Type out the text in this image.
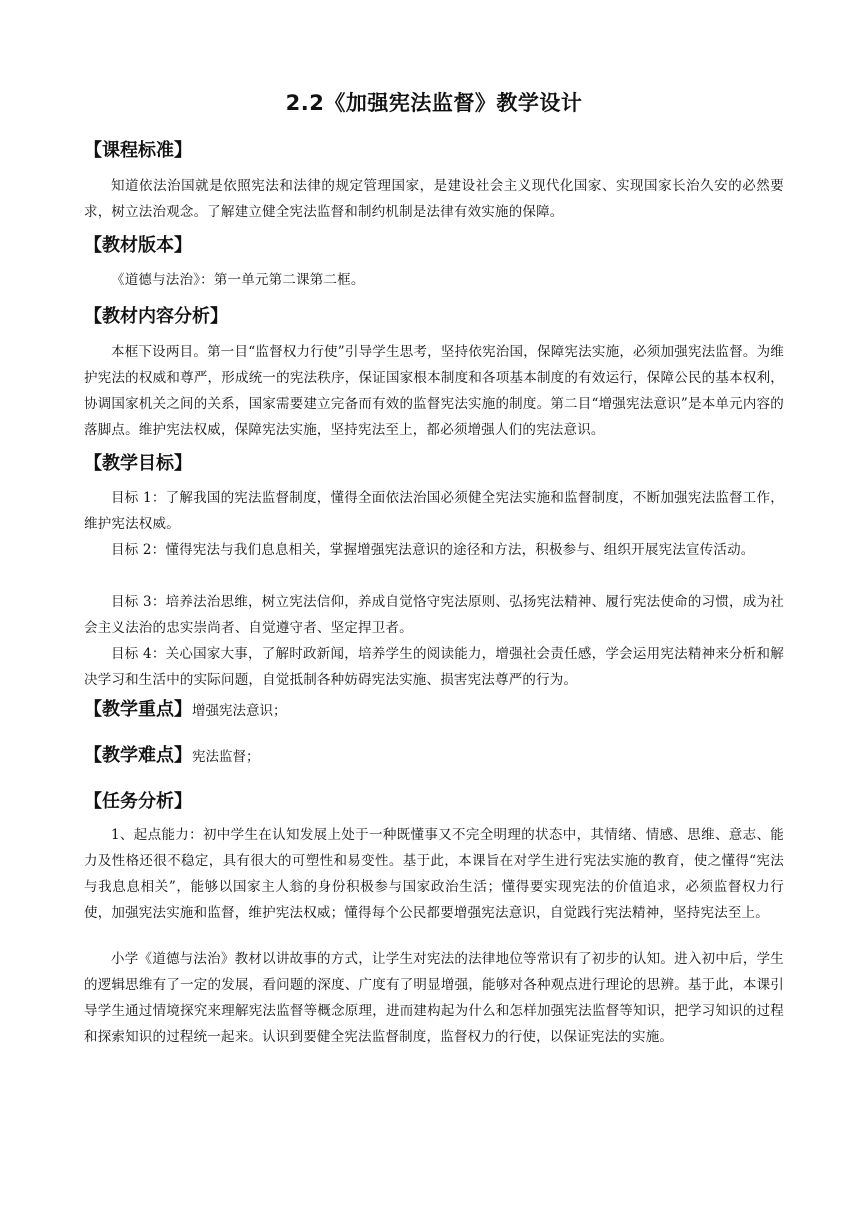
2.2《加强宪法监督》教学设计
【课程标准】
知道依法治国就是依照宪法和法律的规定管理国家，是建设社会主义现代化国家、实现国家长治久安的必然要求，树立法治观念。了解建立健全宪法监督和制约机制是法律有效实施的保障。
【教材版本】
《道德与法治》：第一单元第二课第二框。
【教材内容分析】
本框下设两目。第一目“监督权力行使”引导学生思考，坚持依宪治国，保障宪法实施，必须加强宪法监督。为维护宪法的权威和尊严，形成统一的宪法秩序，保证国家根本制度和各项基本制度的有效运行，保障公民的基本权利，协调国家机关之间的关系，国家需要建立完备而有效的监督宪法实施的制度。第二目“增强宪法意识”是本单元内容的落脚点。维护宪法权威，保障宪法实施，坚持宪法至上，都必须增强人们的宪法意识。
【教学目标】
目标 1：了解我国的宪法监督制度，懂得全面依法治国必须健全宪法实施和监督制度，不断加强宪法监督工作，维护宪法权威。
目标 2：懂得宪法与我们息息相关，掌握增强宪法意识的途径和方法，积极参与、组织开展宪法宣传活动。
目标 3：培养法治思维，树立宪法信仰，养成自觉恪守宪法原则、弘扬宪法精神、履行宪法使命的习惯，成为社会主义法治的忠实崇尚者、自觉遵守者、坚定捍卫者。
目标 4：关心国家大事，了解时政新闻，培养学生的阅读能力，增强社会责任感，学会运用宪法精神来分析和解决学习和生活中的实际问题，自觉抵制各种妨碍宪法实施、损害宪法尊严的行为。
【教学重点】增强宪法意识；
【教学难点】宪法监督；
【任务分析】
1、起点能力：初中学生在认知发展上处于一种既懂事又不完全明理的状态中，其情绪、情感、思维、意志、能力及性格还很不稳定，具有很大的可塑性和易变性。基于此，本课旨在对学生进行宪法实施的教育，使之懂得“宪法与我息息相关”，能够以国家主人翁的身份积极参与国家政治生活；懂得要实现宪法的价值追求，必须监督权力行使，加强宪法实施和监督，维护宪法权威；懂得每个公民都要增强宪法意识，自觉践行宪法精神，坚持宪法至上。
小学《道德与法治》教材以讲故事的方式，让学生对宪法的法律地位等常识有了初步的认知。进入初中后，学生的逻辑思维有了一定的发展，看问题的深度、广度有了明显增强，能够对各种观点进行理论的思辨。基于此，本课引导学生通过情境探究来理解宪法监督等概念原理，进而建构起为什么和怎样加强宪法监督等知识，把学习知识的过程和探索知识的过程统一起来。认识到要健全宪法监督制度，监督权力的行使，以保证宪法的实施。
